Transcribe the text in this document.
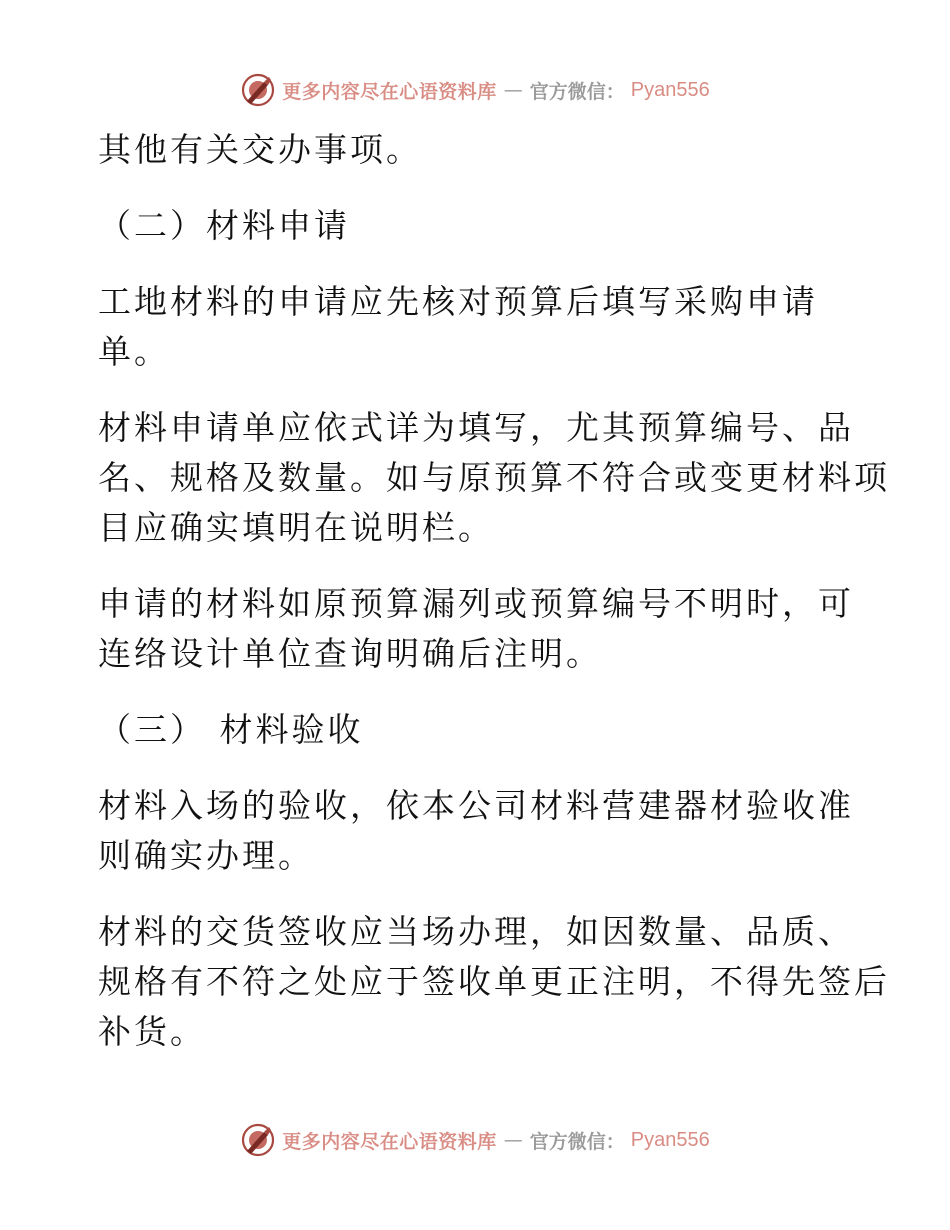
更多内容尽在心语资料库 — 官方微信： Pyan556
其他有关交办事项。
（二）材料申请
工地材料的申请应先核对预算后填写采购申请
单。
材料申请单应依式详为填写，尤其预算编号、品
名、规格及数量。如与原预算不符合或变更材料项
目应确实填明在说明栏。
申请的材料如原预算漏列或预算编号不明时，可
连络设计单位查询明确后注明。
（三） 材料验收
材料入场的验收，依本公司材料营建器材验收准
则确实办理。
材料的交货签收应当场办理，如因数量、品质、
规格有不符之处应于签收单更正注明，不得先签后
补货。
更多内容尽在心语资料库 — 官方微信： Pyan556
